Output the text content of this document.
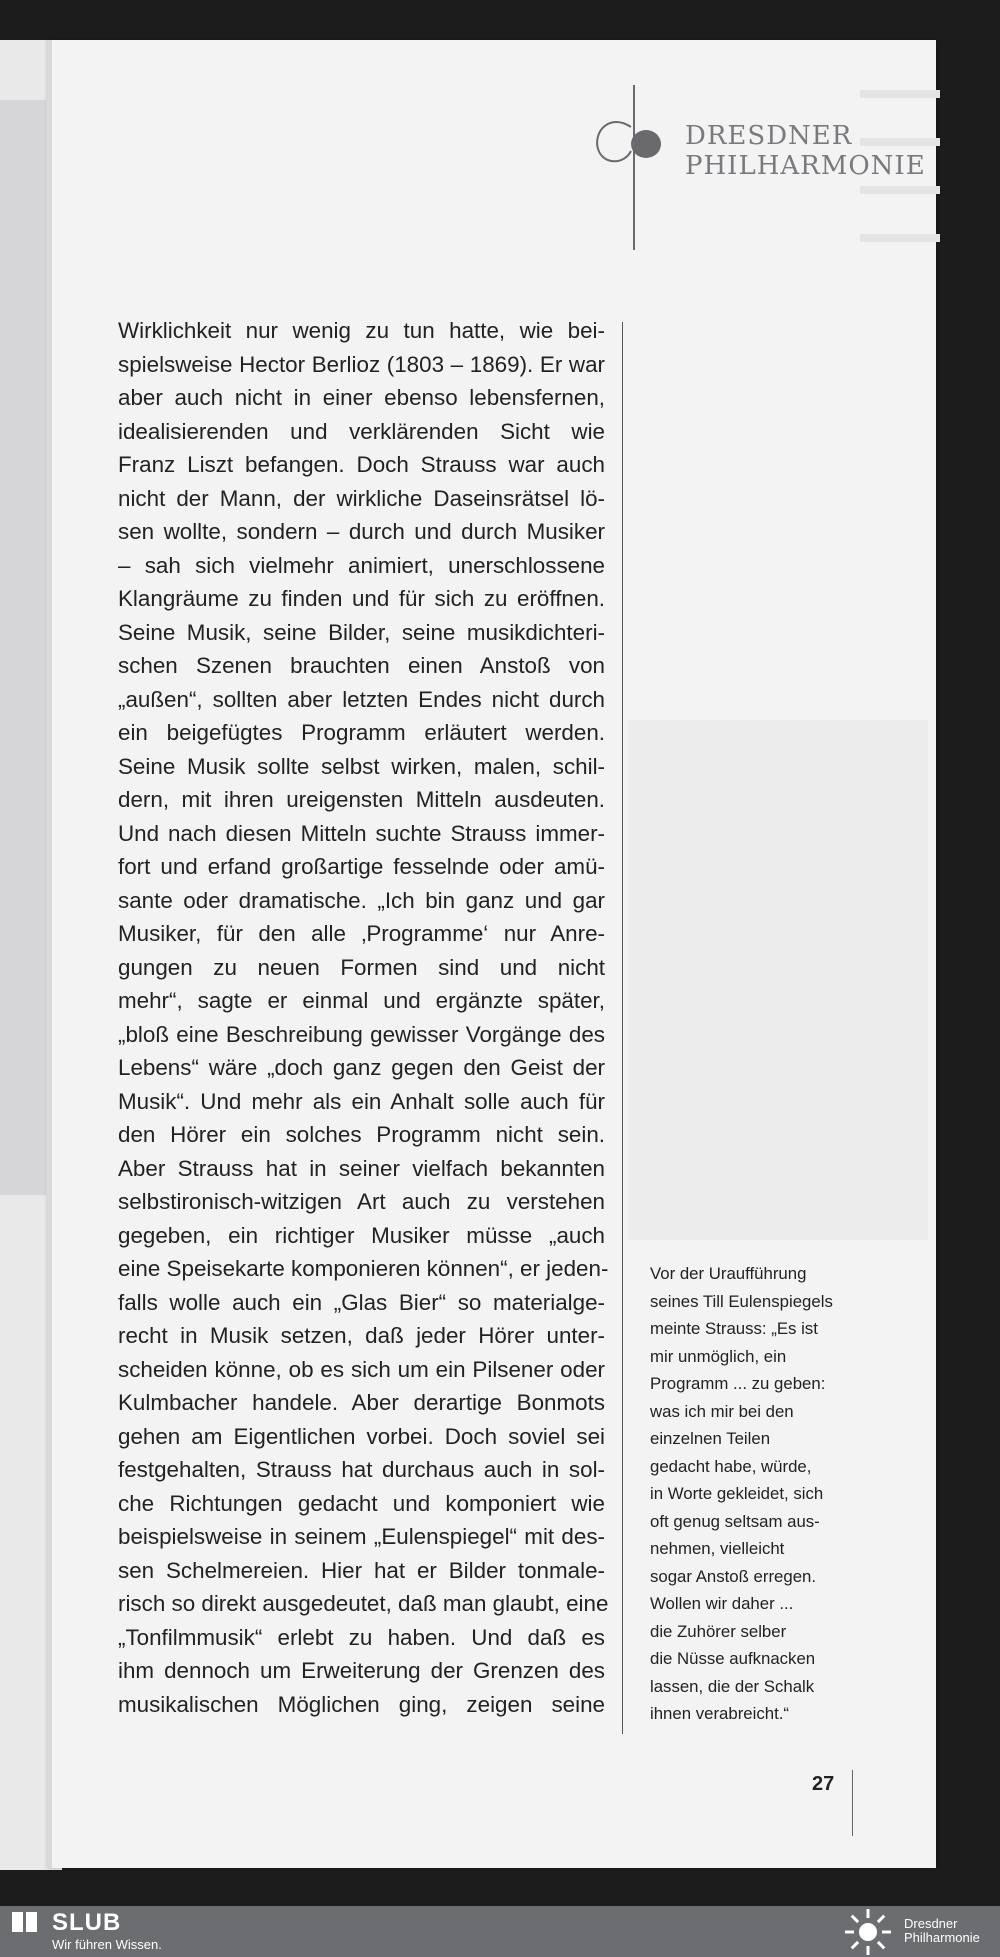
DRESDNER
PHILHARMONIE
Wirklichkeit nur wenig zu tun hatte, wie bei-
spielsweise Hector Berlioz (1803 – 1869). Er war
aber auch nicht in einer ebenso lebensfernen,
idealisierenden und verklärenden Sicht wie
Franz Liszt befangen. Doch Strauss war auch
nicht der Mann, der wirkliche Daseinsrätsel lö-
sen wollte, sondern – durch und durch Musiker
– sah sich vielmehr animiert, unerschlossene
Klangräume zu finden und für sich zu eröffnen.
Seine Musik, seine Bilder, seine musikdichteri-
schen Szenen brauchten einen Anstoß von
„außen“, sollten aber letzten Endes nicht durch
ein beigefügtes Programm erläutert werden.
Seine Musik sollte selbst wirken, malen, schil-
dern, mit ihren ureigensten Mitteln ausdeuten.
Und nach diesen Mitteln suchte Strauss immer-
fort und erfand großartige fesselnde oder amü-
sante oder dramatische. „Ich bin ganz und gar
Musiker, für den alle ‚Programme‘ nur Anre-
gungen zu neuen Formen sind und nicht
mehr“, sagte er einmal und ergänzte später,
„bloß eine Beschreibung gewisser Vorgänge des
Lebens“ wäre „doch ganz gegen den Geist der
Musik“. Und mehr als ein Anhalt solle auch für
den Hörer ein solches Programm nicht sein.
Aber Strauss hat in seiner vielfach bekannten
selbstironisch-witzigen Art auch zu verstehen
gegeben, ein richtiger Musiker müsse „auch
eine Speisekarte komponieren können“, er jeden-
falls wolle auch ein „Glas Bier“ so materialge-
recht in Musik setzen, daß jeder Hörer unter-
scheiden könne, ob es sich um ein Pilsener oder
Kulmbacher handele. Aber derartige Bonmots
gehen am Eigentlichen vorbei. Doch soviel sei
festgehalten, Strauss hat durchaus auch in sol-
che Richtungen gedacht und komponiert wie
beispielsweise in seinem „Eulenspiegel“ mit des-
sen Schelmereien. Hier hat er Bilder tonmale-
risch so direkt ausgedeutet, daß man glaubt, eine
„Tonfilmmusik“ erlebt zu haben. Und daß es
ihm dennoch um Erweiterung der Grenzen des
musikalischen Möglichen ging, zeigen seine
Vor der Uraufführung
seines Till Eulenspiegels
meinte Strauss: „Es ist
mir unmöglich, ein
Programm ... zu geben:
was ich mir bei den
einzelnen Teilen
gedacht habe, würde,
in Worte gekleidet, sich
oft genug seltsam aus-
nehmen, vielleicht
sogar Anstoß erregen.
Wollen wir daher ...
die Zuhörer selber
die Nüsse aufknacken
lassen, die der Schalk
ihnen verabreicht.“
27
SLUB
Wir führen Wissen.
Dresdner
Philharmonie
